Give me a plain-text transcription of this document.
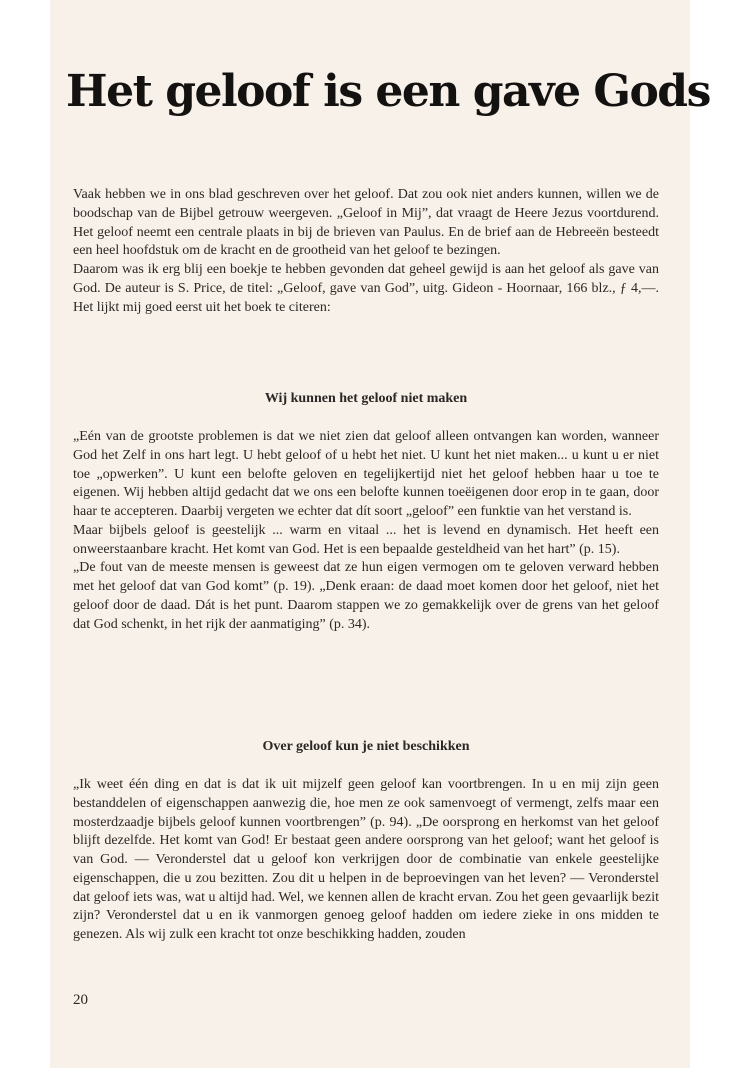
Het geloof is een gave Gods

Vaak hebben we in ons blad geschreven over het geloof. Dat zou ook niet anders kunnen, willen we de boodschap van de Bijbel getrouw weergeven. „Geloof in Mij”, dat vraagt de Heere Jezus voortdurend. Het geloof neemt een centrale plaats in bij de brieven van Paulus. En de brief aan de Hebreeën besteedt een heel hoofdstuk om de kracht en de grootheid van het geloof te bezingen.

Daarom was ik erg blij een boekje te hebben gevonden dat geheel gewijd is aan het geloof als gave van God. De auteur is S. Price, de titel: „Geloof, gave van God”, uitg. Gideon - Hoornaar, 166 blz., ƒ 4,—. Het lijkt mij goed eerst uit het boek te citeren:

Wij kunnen het geloof niet maken

„Eén van de grootste problemen is dat we niet zien dat geloof alleen ontvangen kan worden, wanneer God het Zelf in ons hart legt. U hebt geloof of u hebt het niet. U kunt het niet maken... u kunt u er niet toe „opwerken”. U kunt een belofte geloven en tegelijkertijd niet het geloof hebben haar u toe te eigenen. Wij hebben altijd gedacht dat we ons een belofte kunnen toeëigenen door erop in te gaan, door haar te accepteren. Daarbij vergeten we echter dat dít soort „geloof” een funktie van het verstand is.

Maar bijbels geloof is geestelijk ... warm en vitaal ... het is levend en dynamisch. Het heeft een onweerstaanbare kracht. Het komt van God. Het is een bepaalde gesteldheid van het hart” (p. 15).

„De fout van de meeste mensen is geweest dat ze hun eigen vermogen om te geloven verward hebben met het geloof dat van God komt” (p. 19). „Denk eraan: de daad moet komen door het geloof, niet het geloof door de daad. Dát is het punt. Daarom stappen we zo gemakkelijk over de grens van het geloof dat God schenkt, in het rijk der aanmatiging” (p. 34).

Over geloof kun je niet beschikken

„Ik weet één ding en dat is dat ik uit mijzelf geen geloof kan voortbrengen. In u en mij zijn geen bestanddelen of eigenschappen aanwezig die, hoe men ze ook samenvoegt of vermengt, zelfs maar een mosterdzaadje bijbels geloof kunnen voortbrengen” (p. 94). „De oorsprong en herkomst van het geloof blijft dezelfde. Het komt van God! Er bestaat geen andere oorsprong van het geloof; want het geloof is van God. — Veronderstel dat u geloof kon verkrijgen door de combinatie van enkele geestelijke eigenschappen, die u zou bezitten. Zou dit u helpen in de beproevingen van het leven? — Veronderstel dat geloof iets was, wat u altijd had. Wel, we kennen allen de kracht ervan. Zou het geen gevaarlijk bezit zijn? Veronderstel dat u en ik vanmorgen genoeg geloof hadden om iedere zieke in ons midden te genezen. Als wij zulk een kracht tot onze beschikking hadden, zouden

20
